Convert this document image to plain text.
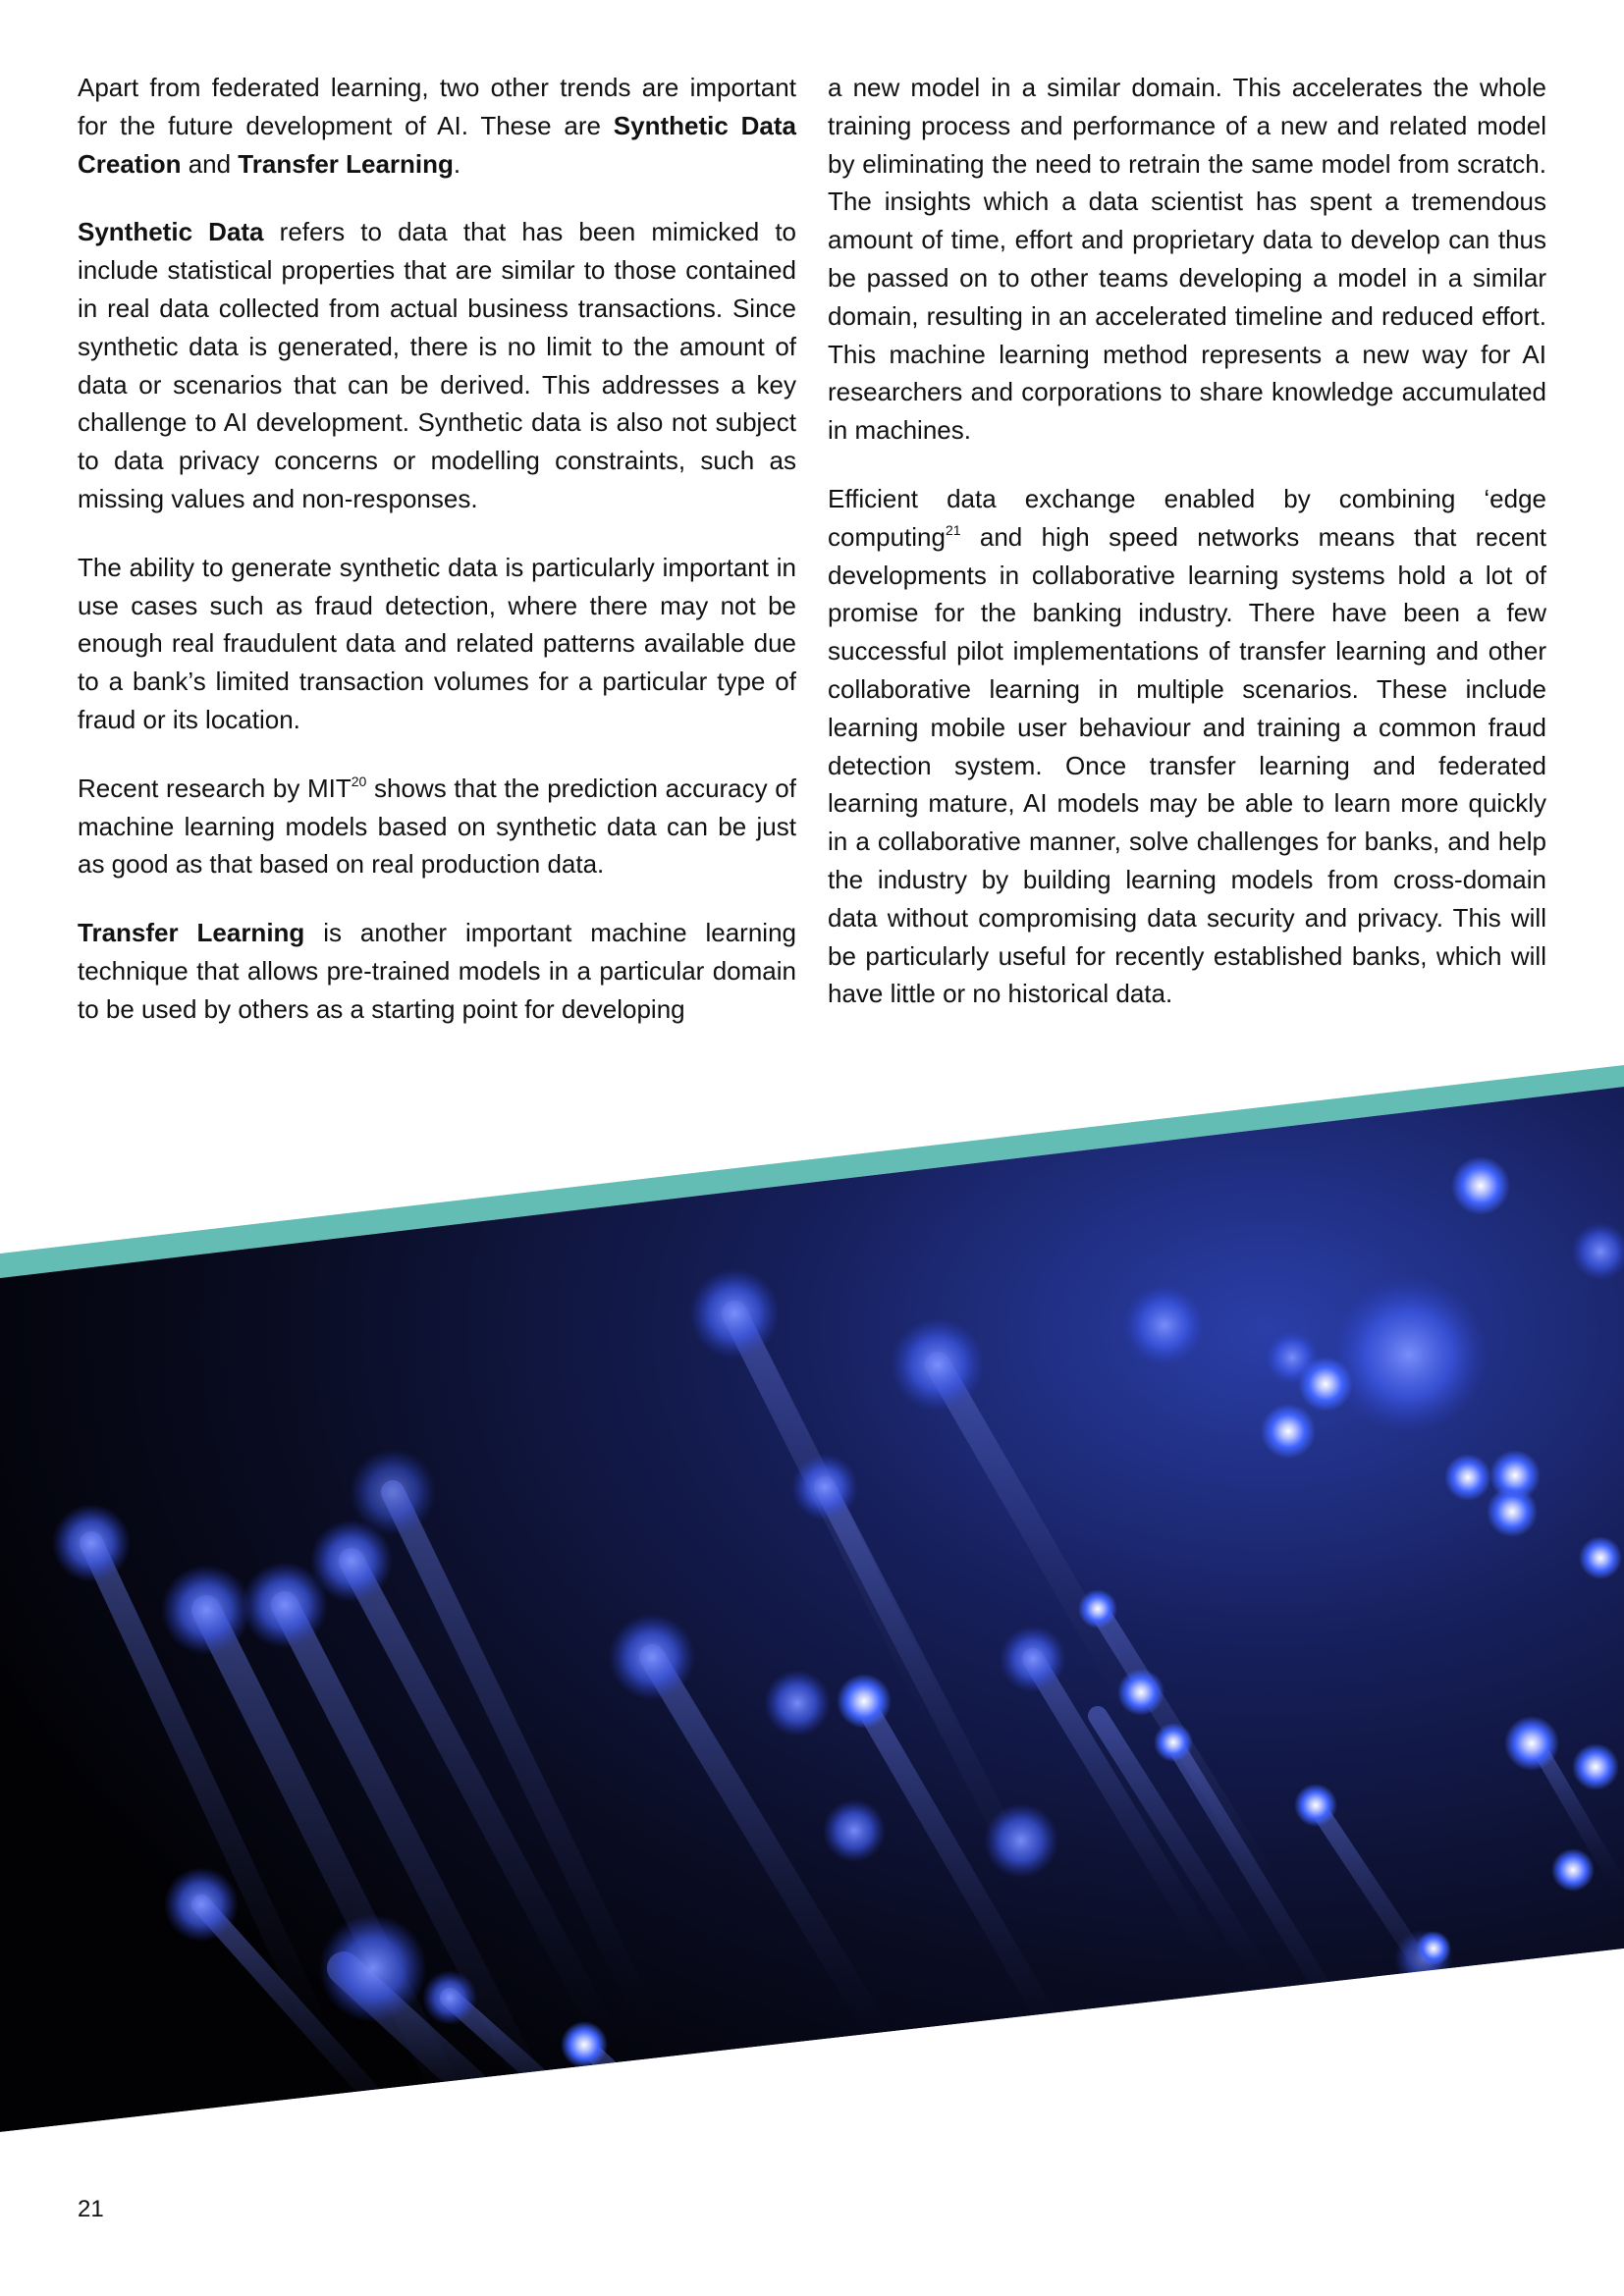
Apart from federated learning, two other trends are important for the future development of AI. These are Synthetic Data Creation and Transfer Learning.

Synthetic Data refers to data that has been mimicked to include statistical properties that are similar to those contained in real data collected from actual business transactions. Since synthetic data is generated, there is no limit to the amount of data or scenarios that can be derived. This addresses a key challenge to AI development. Synthetic data is also not subject to data privacy concerns or modelling constraints, such as missing values and non-responses.

The ability to generate synthetic data is particularly important in use cases such as fraud detection, where there may not be enough real fraudulent data and related patterns available due to a bank’s limited transaction volumes for a particular type of fraud or its location.

Recent research by MIT$^{20}$ shows that the prediction accuracy of machine learning models based on synthetic data can be just as good as that based on real production data.

Transfer Learning is another important machine learning technique that allows pre-trained models in a particular domain to be used by others as a starting point for developing

a new model in a similar domain. This accelerates the whole training process and performance of a new and related model by eliminating the need to retrain the same model from scratch. The insights which a data scientist has spent a tremendous amount of time, effort and proprietary data to develop can thus be passed on to other teams developing a model in a similar domain, resulting in an accelerated timeline and reduced effort. This machine learning method represents a new way for AI researchers and corporations to share knowledge accumulated in machines.

Efficient data exchange enabled by combining ‘edge computing$^{21}$ and high speed networks means that recent developments in collaborative learning systems hold a lot of promise for the banking industry. There have been a few successful pilot implementations of transfer learning and other collaborative learning in multiple scenarios. These include learning mobile user behaviour and training a common fraud detection system. Once transfer learning and federated learning mature, AI models may be able to learn more quickly in a collaborative manner, solve challenges for banks, and help the industry by building learning models from cross-domain data without compromising data security and privacy. This will be particularly useful for recently established banks, which will have little or no historical data.

21
